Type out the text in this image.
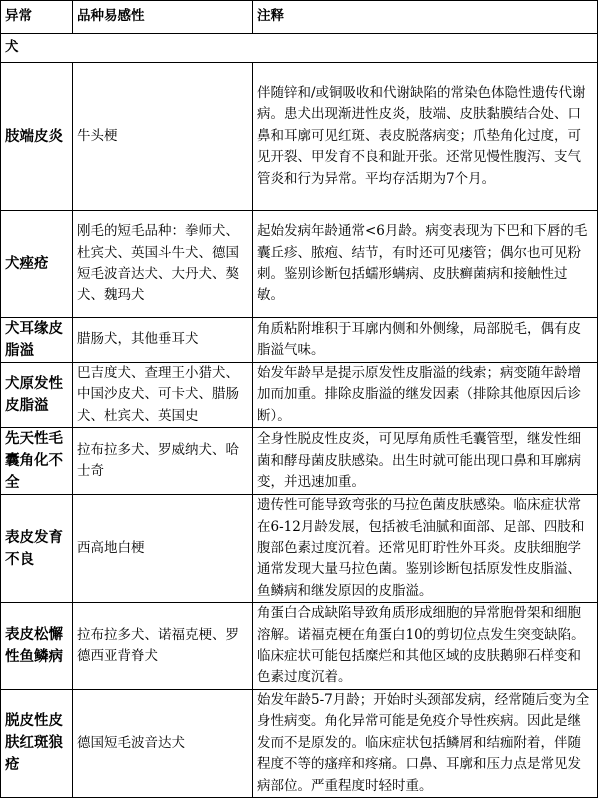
异常	品种易感性	注释
犬		
肢端皮炎	牛头梗	伴随锌和/或铜吸收和代谢缺陷的常染色体隐性遗传代谢病。患犬出现渐进性皮炎，肢端、皮肤黏膜结合处、口鼻和耳廓可见红斑、表皮脱落病变；爪垫角化过度，可见开裂、甲发育不良和趾开张。还常见慢性腹泻、支气管炎和行为异常。平均存活期为7个月。
犬痤疮	刚毛的短毛品种：拳师犬、杜宾犬、英国斗牛犬、德国短毛波音达犬、大丹犬、獒犬、魏玛犬	起始发病年龄通常<6月龄。病变表现为下巴和下唇的毛囊丘疹、脓疱、结节，有时还可见瘘管；偶尔也可见粉刺。鉴别诊断包括蠕形螨病、皮肤癣菌病和接触性过敏。
犬耳缘皮脂溢	腊肠犬，其他垂耳犬	角质粘附堆积于耳廓内侧和外侧缘，局部脱毛，偶有皮脂溢气味。
犬原发性皮脂溢	巴吉度犬、查理王小猎犬、中国沙皮犬、可卡犬、腊肠犬、杜宾犬、英国史	始发年龄早是提示原发性皮脂溢的线索；病变随年龄增加而加重。排除皮脂溢的继发因素（排除其他原因后诊断）。
先天性毛囊角化不全	拉布拉多犬、罗威纳犬、哈士奇	全身性脱皮性皮炎，可见厚角质性毛囊管型，继发性细菌和酵母菌皮肤感染。出生时就可能出现口鼻和耳廓病变，并迅速加重。
表皮发育不良	西高地白梗	遗传性可能导致弯张的马拉色菌皮肤感染。临床症状常在6-12月龄发展，包括被毛油腻和面部、足部、四肢和腹部色素过度沉着。还常见盯聍性外耳炎。皮肤细胞学通常发现大量马拉色菌。鉴别诊断包括原发性皮脂溢、鱼鳞病和继发原因的皮脂溢。
表皮松懈性鱼鳞病	拉布拉多犬、诺福克梗、罗德西亚背脊犬	角蛋白合成缺陷导致角质形成细胞的异常胞骨架和细胞溶解。诺福克梗在角蛋白10的剪切位点发生突变缺陷。临床症状可能包括糜烂和其他区域的皮肤鹅卵石样变和色素过度沉着。
脱皮性皮肤红斑狼疮	德国短毛波音达犬	始发年龄5-7月龄；开始时头颈部发病，经常随后变为全身性病变。角化异常可能是免疫介导性疾病。因此是继发而不是原发的。临床症状包括鳞屑和结痂附着，伴随程度不等的瘙痒和疼痛。口鼻、耳廓和压力点是常见发病部位。严重程度时轻时重。
